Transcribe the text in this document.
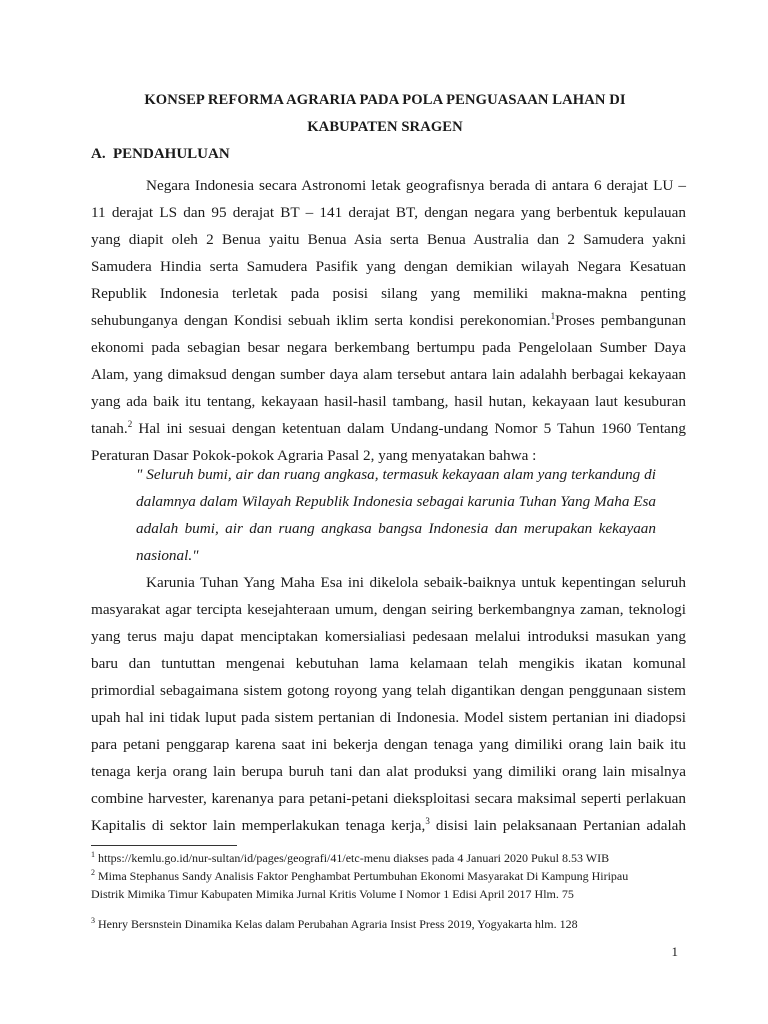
KONSEP REFORMA AGRARIA PADA POLA PENGUASAAN LAHAN DI
KABUPATEN SRAGEN
A. PENDAHULUAN
Negara Indonesia secara Astronomi letak geografisnya berada di antara 6 derajat LU –
11 derajat LS dan 95 derajat BT – 141 derajat BT, dengan negara yang berbentuk kepulauan
yang diapit oleh 2 Benua yaitu Benua Asia serta Benua Australia dan 2 Samudera yakni
Samudera Hindia serta Samudera Pasifik yang dengan demikian wilayah Negara Kesatuan
Republik Indonesia terletak pada posisi silang yang memiliki makna-makna penting
sehubunganya dengan Kondisi sebuah iklim serta kondisi perekonomian.$^1$Proses pembangunan
ekonomi pada sebagian besar negara berkembang bertumpu pada Pengelolaan Sumber Daya
Alam, yang dimaksud dengan sumber daya alam tersebut antara lain adalahh berbagai kekayaan
yang ada baik itu tentang, kekayaan hasil-hasil tambang, hasil hutan, kekayaan laut kesuburan
tanah.$^2$ Hal ini sesuai dengan ketentuan dalam Undang-undang Nomor 5 Tahun 1960 Tentang
Peraturan Dasar Pokok-pokok Agraria Pasal 2, yang menyatakan bahwa :
" Seluruh bumi, air dan ruang angkasa, termasuk kekayaan alam yang terkandung di
dalamnya dalam Wilayah Republik Indonesia sebagai karunia Tuhan Yang Maha Esa
adalah bumi, air dan ruang angkasa bangsa Indonesia dan merupakan kekayaan
nasional."
Karunia Tuhan Yang Maha Esa ini dikelola sebaik-baiknya untuk kepentingan seluruh
masyarakat agar tercipta kesejahteraan umum, dengan seiring berkembangnya zaman, teknologi
yang terus maju dapat menciptakan komersialiasi pedesaan melalui introduksi masukan yang
baru dan tuntuttan mengenai kebutuhan lama kelamaan telah mengikis ikatan komunal
primordial sebagaimana sistem gotong royong yang telah digantikan dengan penggunaan sistem
upah hal ini tidak luput pada sistem pertanian di Indonesia. Model sistem pertanian ini diadopsi
para petani penggarap karena saat ini bekerja dengan tenaga yang dimiliki orang lain baik itu
tenaga kerja orang lain berupa buruh tani dan alat produksi yang dimiliki orang lain misalnya
combine harvester, karenanya para petani-petani dieksploitasi secara maksimal seperti perlakuan
Kapitalis di sektor lain memperlakukan tenaga kerja,$^3$ disisi lain pelaksanaan Pertanian adalah

$^1$ https://kemlu.go.id/nur-sultan/id/pages/geografi/41/etc-menu diakses pada 4 Januari 2020 Pukul 8.53 WIB

$^2$ Mima Stephanus Sandy Analisis Faktor Penghambat Pertumbuhan Ekonomi Masyarakat Di Kampung Hiripau

Distrik Mimika Timur Kabupaten Mimika Jurnal Kritis Volume I Nomor 1 Edisi April 2017 Hlm. 75

$^3$ Henry Bersnstein Dinamika Kelas dalam Perubahan Agraria Insist Press 2019, Yogyakarta hlm. 128

1
